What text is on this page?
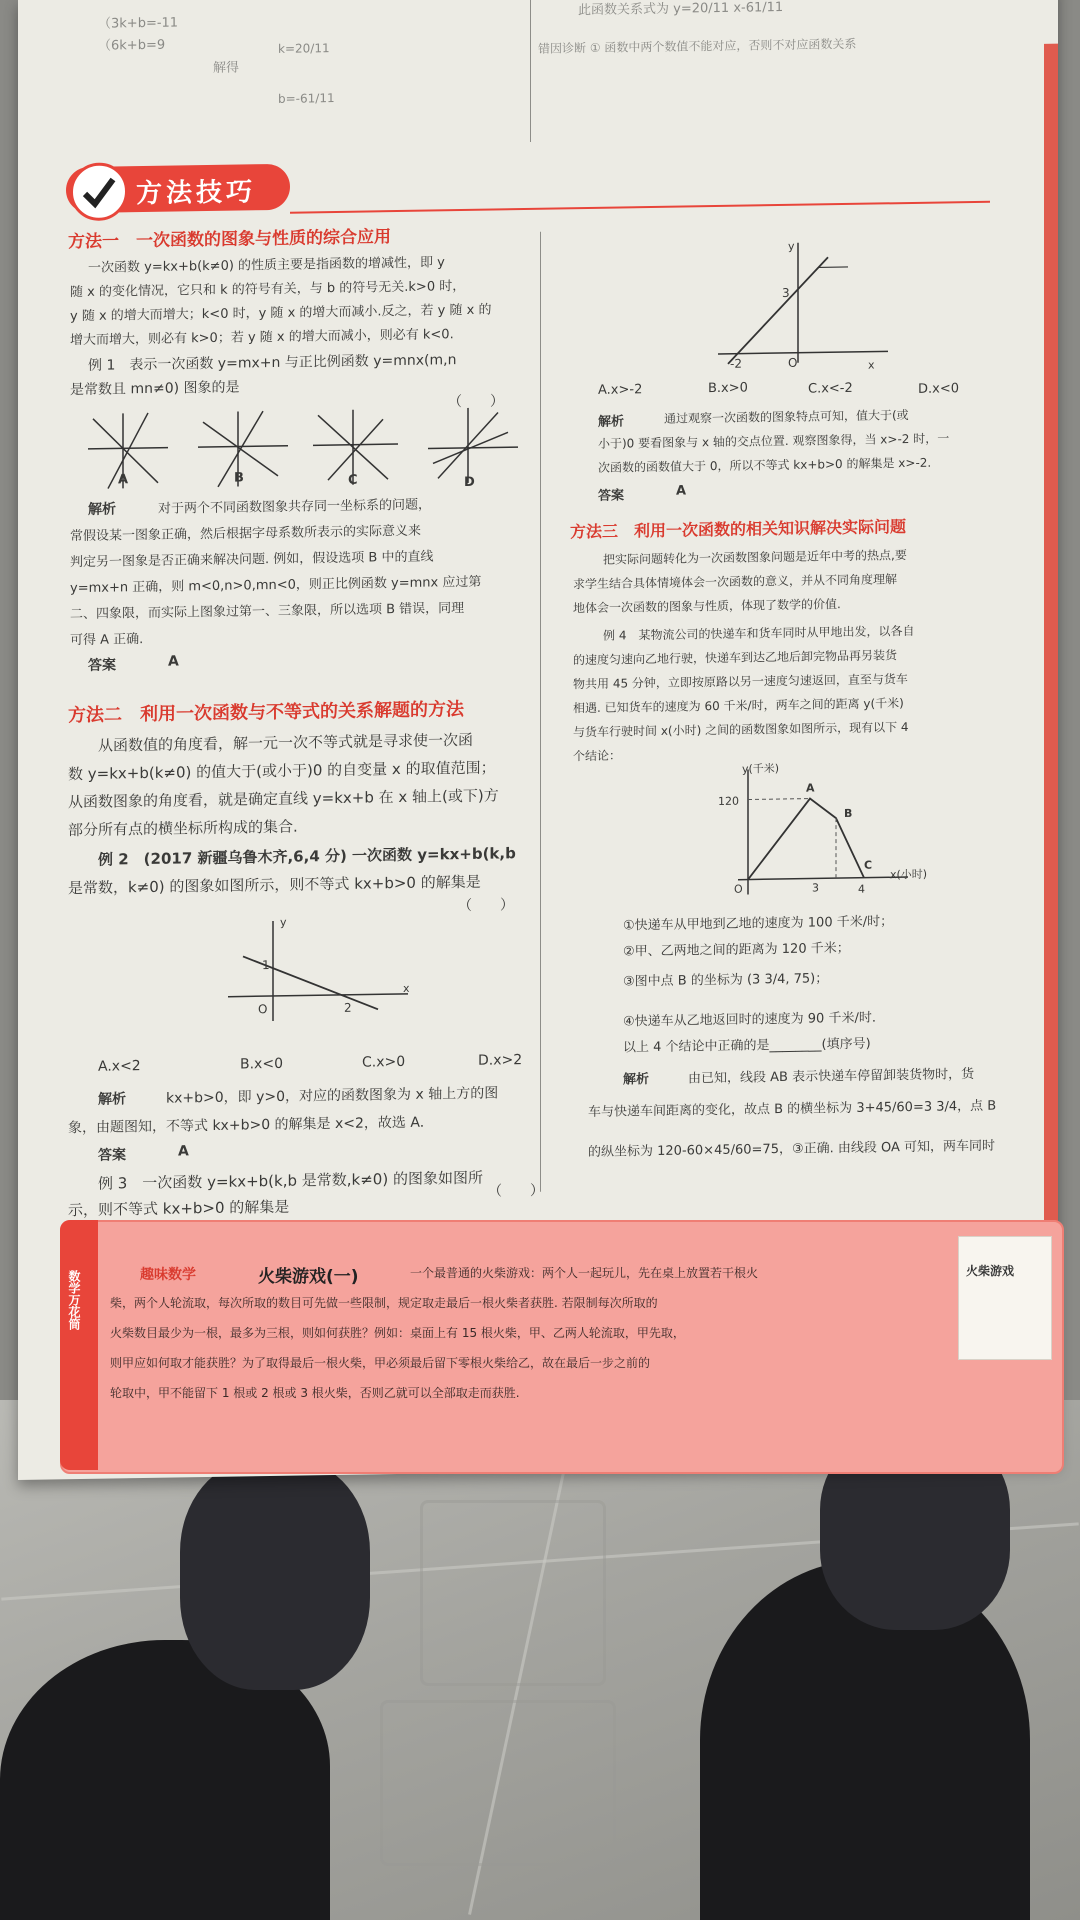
（3k+b=-11
（6k+b=9
解得
k=20/11
b=-61/11
此函数关系式为 y=20/11 x-61/11
错因诊断 ① 函数中两个数值不能对应，否则不对应函数关系
方法技巧
方法一　一次函数的图象与性质的综合应用
一次函数 y=kx+b(k≠0) 的性质主要是指函数的增减性，即 y
随 x 的变化情况，它只和 k 的符号有关，与 b 的符号无关.k>0 时，
y 随 x 的增大而增大；k<0 时，y 随 x 的增大而减小.反之，若 y 随 x 的
增大而增大，则必有 k>0；若 y 随 x 的增大而减小，则必有 k<0.
例 1　表示一次函数 y=mx+n 与正比例函数 y=mnx(m,n
是常数且 mn≠0) 图象的是
（　　）
A	B	C	D
解析	对于两个不同函数图象共存同一坐标系的问题，
常假设某一图象正确，然后根据字母系数所表示的实际意义来
判定另一图象是否正确来解决问题. 例如，假设选项 B 中的直线
y=mx+n 正确，则 m<0,n>0,mn<0，则正比例函数 y=mnx 应过第
二、四象限，而实际上图象过第一、三象限，所以选项 B 错误，同理
可得 A 正确.
答案	A
方法二　利用一次函数与不等式的关系解题的方法
从函数值的角度看，解一元一次不等式就是寻求使一次函
数 y=kx+b(k≠0) 的值大于(或小于)0 的自变量 x 的取值范围；
从函数图象的角度看，就是确定直线 y=kx+b 在 x 轴上(或下)方
部分所有点的横坐标所构成的集合.
例 2　(2017 新疆乌鲁木齐,6,4 分) 一次函数 y=kx+b(k,b
是常数，k≠0) 的图象如图所示，则不等式 kx+b>0 的解集是
（　　）
y
1
O	2
x
A.x<2	B.x<0	C.x>0	D.x>2
解析	kx+b>0，即 y>0，对应的函数图象为 x 轴上方的图
象，由题图知，不等式 kx+b>0 的解集是 x<2，故选 A.
答案	A
例 3　一次函数 y=kx+b(k,b 是常数,k≠0) 的图象如图所
示，则不等式 kx+b>0 的解集是
（　　）
y
3
-2	O	x
A.x>-2	B.x>0	C.x<-2	D.x<0
解析	通过观察一次函数的图象特点可知，值大于(或
小于)0 要看图象与 x 轴的交点位置. 观察图象得，当 x>-2 时，一
次函数的函数值大于 0，所以不等式 kx+b>0 的解集是 x>-2.
答案	A
方法三　利用一次函数的相关知识解决实际问题
把实际问题转化为一次函数图象问题是近年中考的热点,要
求学生结合具体情境体会一次函数的意义，并从不同角度理解
地体会一次函数的图象与性质，体现了数学的价值.
例 4　某物流公司的快递车和货车同时从甲地出发，以各自
的速度匀速向乙地行驶，快递车到达乙地后卸完物品再另装货
物共用 45 分钟，立即按原路以另一速度匀速返回，直至与货车
相遇. 已知货车的速度为 60 千米/时，两车之间的距离 y(千米)
与货车行驶时间 x(小时) 之间的函数图象如图所示，现有以下 4
个结论：
y(千米)
120
A
B
C
O	3	4
x(小时)
①快递车从甲地到乙地的速度为 100 千米/时；
②甲、乙两地之间的距离为 120 千米；
③图中点 B 的坐标为 (3 3/4, 75)；
④快递车从乙地返回时的速度为 90 千米/时.
以上 4 个结论中正确的是________(填序号)
解析	由已知，线段 AB 表示快递车停留卸装货物时，货
车与快递车间距离的变化，故点 B 的横坐标为 3+45/60=3 3/4，点 B
的纵坐标为 120-60×45/60=75，③正确. 由线段 OA 可知，两车同时
数学万花筒	趣味数学	火柴游戏(一)	一个最普通的火柴游戏：两个人一起玩儿，先在桌上放置若干根火
柴，两个人轮流取，每次所取的数目可先做一些限制，规定取走最后一根火柴者获胜. 若限制每次所取的
火柴数目最少为一根，最多为三根，则如何获胜？例如：桌面上有 15 根火柴，甲、乙两人轮流取，甲先取，
则甲应如何取才能获胜？为了取得最后一根火柴，甲必须最后留下零根火柴给乙，故在最后一步之前的
轮取中，甲不能留下 1 根或 2 根或 3 根火柴，否则乙就可以全部取走而获胜.
火柴游戏
